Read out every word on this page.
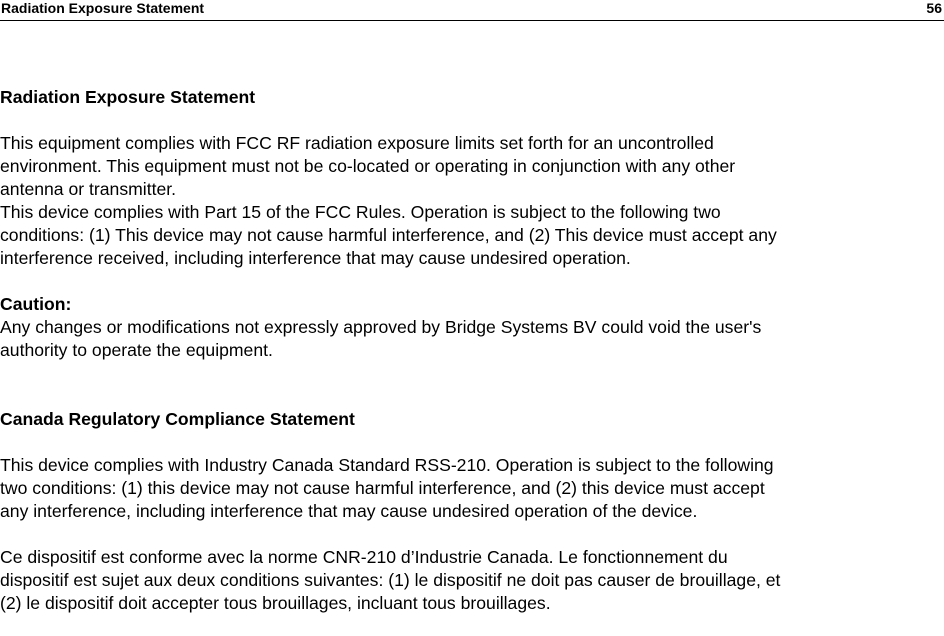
Radiation Exposure Statement	56
Radiation Exposure Statement
This equipment complies with FCC RF radiation exposure limits set forth for an uncontrolled
environment. This equipment must not be co-located or operating in conjunction with any other
antenna or transmitter.
This device complies with Part 15 of the FCC Rules. Operation is subject to the following two
conditions: (1) This device may not cause harmful interference, and (2) This device must accept any
interference received, including interference that may cause undesired operation.
Caution:
Any changes or modifications not expressly approved by Bridge Systems BV could void the user's
authority to operate the equipment.
Canada Regulatory Compliance Statement
This device complies with Industry Canada Standard RSS-210. Operation is subject to the following
two conditions: (1) this device may not cause harmful interference, and (2) this device must accept
any interference, including interference that may cause undesired operation of the device.
Ce dispositif est conforme avec la norme CNR-210 d’Industrie Canada. Le fonctionnement du
dispositif est sujet aux deux conditions suivantes: (1) le dispositif ne doit pas causer de brouillage, et
(2) le dispositif doit accepter tous brouillages, incluant tous brouillages.
